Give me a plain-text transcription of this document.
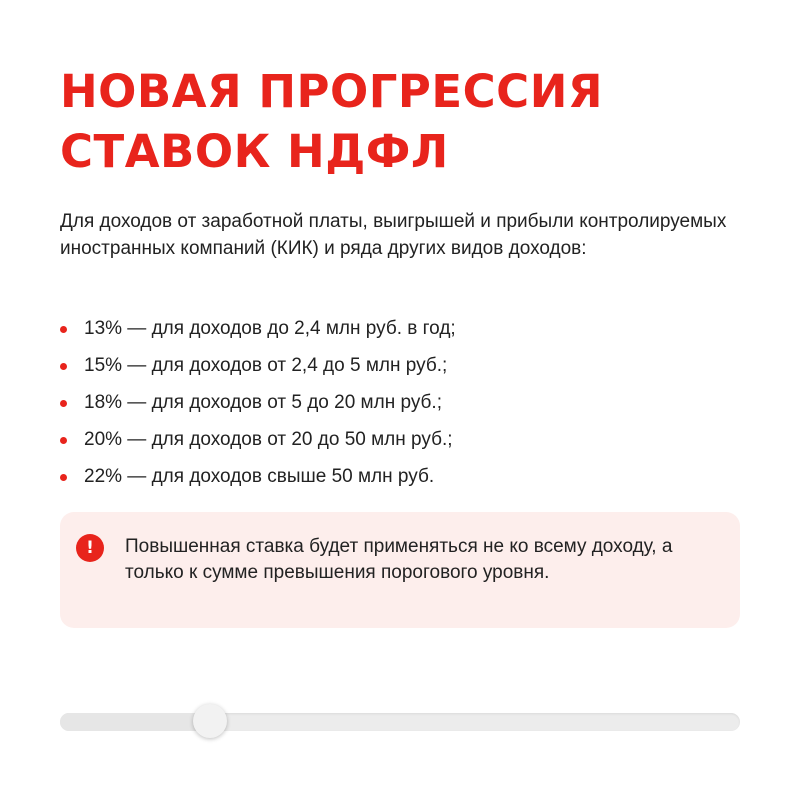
НОВАЯ ПРОГРЕССИЯ
СТАВОК НДФЛ

Для доходов от заработной платы, выигрышей и прибыли контролируемых иностранных компаний (КИК) и ряда других видов доходов:

13% — для доходов до 2,4 млн руб. в год;
15% — для доходов от 2,4 до 5 млн руб.;
18% — для доходов от 5 до 20 млн руб.;
20% — для доходов от 20 до 50 млн руб.;
22% — для доходов свыше 50 млн руб.
!	Повышенная ставка будет применяться не ко всему доходу, а только к сумме превышения порогового уровня.
